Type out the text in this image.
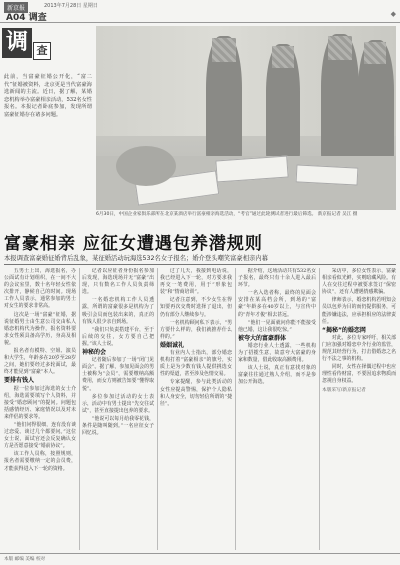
新京报	2013年7月28日 星期日
A04 调查	◆
调 查
此前，当富豪征婚公开化，“富二代”征婚被资料，北京更是当代富豪海选新闻的主流。近日，据了解，某婚恋机构举办富豪相亲活动，532名女性报名。本报记者卧底参加，发现所谓富豪征婚存在诸多问题。
6月30日，中国企业家俱乐部所在北京某酒店举行富豪相亲海选活动，“考官”通过此轮测试者进行最后筛选。 新京报记者 吴江 摄
富豪相亲 应征女遭遇包养潜规则
本报调查富豪婚征婚背后乱象，某征婚活动玩海选532名女子报名；婚介登头嘲笑富豪相亲内幕

五男士上出，海选报名，办公面试有计划组织，在一间不大的会议室里，数十名年轻女性依次排开，静候自己的时间。现场工作人员表示，通常参加的男士对女生的要求非常高。

这次是一场“富豪”征婚，据说征婚男士由生意公司交由私人婚恋机构代为操作，报名资料要求女性须具备高学历，身高及相貌。

报名者有模特、空姐、演员和大学生，年龄多在20岁至28岁之间，她们要经过多轮面试，最终才能见到“富豪”本人。

要排有钱人

据一位参加过海选的女士介绍，海选需要填写个人资料，并接受“婚恋顾问”的提问。问题包括感情经历、家庭情况以及对未来伴侣的要求等。

“他们问得很细，连有没有谈过恋爱、谈过几个都要问。”这位女士说，面试官还会反复确认女方是否愿意接受“婚前协议”。

该工作人员称，按照规则，报名者需要缴纳一定的会员费，才能获得进入下一轮的资格。

记者以应征者身份报名参加后发现，海选现场并无“富豪”出现，只有数名工作人员负责筛选。

一名婚恋机构工作人员透露，所谓的富豪很多是机构为了吸引会员而包装出来的，真正的有钱人很少亲自到场。

“我们只负责搭建平台，至于后续的交往，女方要自己把握。”该人士说。

神秘的会

记者随后参加了一场“闭门见面会”。据了解，参加见面会的男士被称为“会员”，需要缴纳高额费用，而女方则被告知要“懂得取悦”。

多位参加过活动的女士表示，活动中有男士提出“先交往试试”，甚至直接提出包养的要求。

“他说可以每月给我零花钱，条件是随叫随到。”一名应征女子回忆说。

过了几天，我接到电话说，我已经进入下一轮，对方要求我再交一笔费用，用于“形象包装”和“情商培训”。

记者注意到，不少女生在得知要再次交费时选择了退出，但仍有部分人继续参与。

一名机构顾问私下表示，“男方要什么样的，我们就推荐什么样的。”

婚姻诚礼

有业内人士指出，部分婚恋机构打着“富豪相亲”的旗号，实质上是为少数有钱人提供挑选女性的渠道，甚至涉及色情交易。

专家提醒，参与此类活动的女性应提高警惕，保护个人隐私和人身安全，切勿轻信所谓的“捷径”。

据介绍，这场活动共有532名女子报名，最终只有十余人进入最后环节。

一名入选者称，最终的见面会安排在某高档会所，到场的“富豪”年龄多在40岁以上，与宣传中的“青年才俊”相去甚远。

“他们一见面就问你能不能接受他已婚，这让我很吃惊。”

被夸大的富豪群体

婚恋行业人士透露，一些机构为了招揽生意，故意夸大富豪的身家和数量，借此收取高额费用。

该人士说，真正有意找对象的富豪往往通过熟人介绍，而不是参加公开海选。

采访中，多位女性表示，富豪相亲看似光鲜，实则暗藏风险。有人在交往过程中被要求签订“保密协议”，还有人遭遇情感欺骗。

律师表示，婚恋机构若明知会员以包养为目的而仍提供服务，可能涉嫌违法，应承担相应的法律责任。

“揭秘”的婚恋网

对此，多位专家呼吁，相关部门应加强对婚恋中介行业的监管，规范其经营行为，打击借婚恋之名行不法之事的机构。

同时，女性在择偶过程中也应理性看待财富，不要因追求物质而忽视自身权益。

本版采写/新京报记者

本版 邮编 美编 校对
